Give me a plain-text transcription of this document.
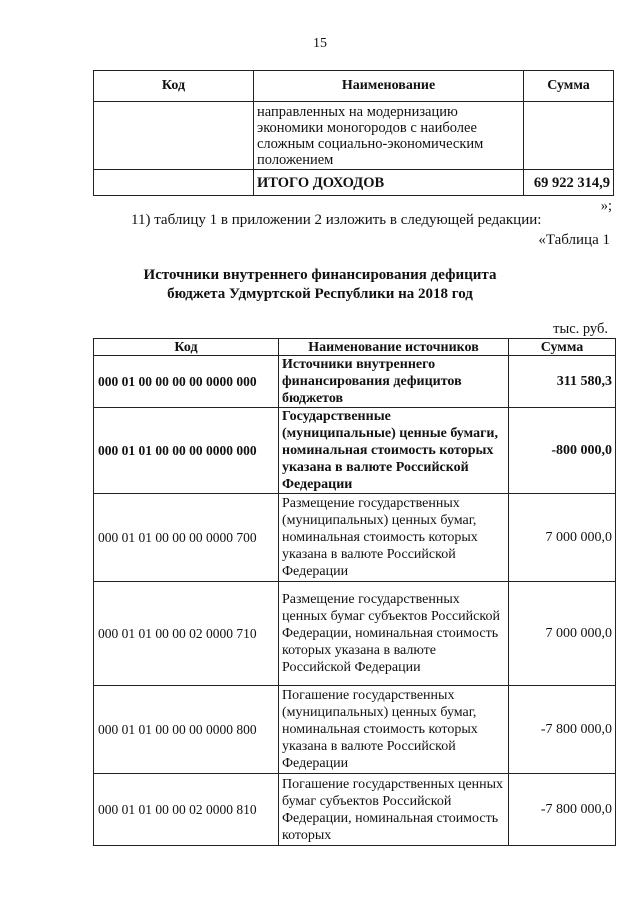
15
Код	Наименование	Сумма
	направленных на модернизацию экономики моногородов с наиболее сложным социально-экономическим положением	
	ИТОГО ДОХОДОВ	69 922 314,9
»;
11) таблицу 1 в приложении 2 изложить в следующей редакции:
«Таблица 1
Источники внутреннего финансирования дефицита
бюджета Удмуртской Республики на 2018 год
тыс. руб.
Код	Наименование источников	Сумма
000 01 00 00 00 00 0000 000	Источники внутреннего финансирования дефицитов бюджетов	311 580,3
000 01 01 00 00 00 0000 000	Государственные (муниципальные) ценные бумаги, номинальная стоимость которых указана в валюте Российской Федерации	-800 000,0
000 01 01 00 00 00 0000 700	Размещение государственных (муниципальных) ценных бумаг, номинальная стоимость которых указана в валюте Российской Федерации	7 000 000,0
000 01 01 00 00 02 0000 710	Размещение государственных ценных бумаг субъектов Российской Федерации, номинальная стоимость которых указана в валюте Российской Федерации	7 000 000,0
000 01 01 00 00 00 0000 800	Погашение государственных (муниципальных) ценных бумаг, номинальная стоимость которых указана в валюте Российской Федерации	-7 800 000,0
000 01 01 00 00 02 0000 810	Погашение государственных ценных бумаг субъектов Российской Федерации, номинальная стоимость которых	-7 800 000,0
